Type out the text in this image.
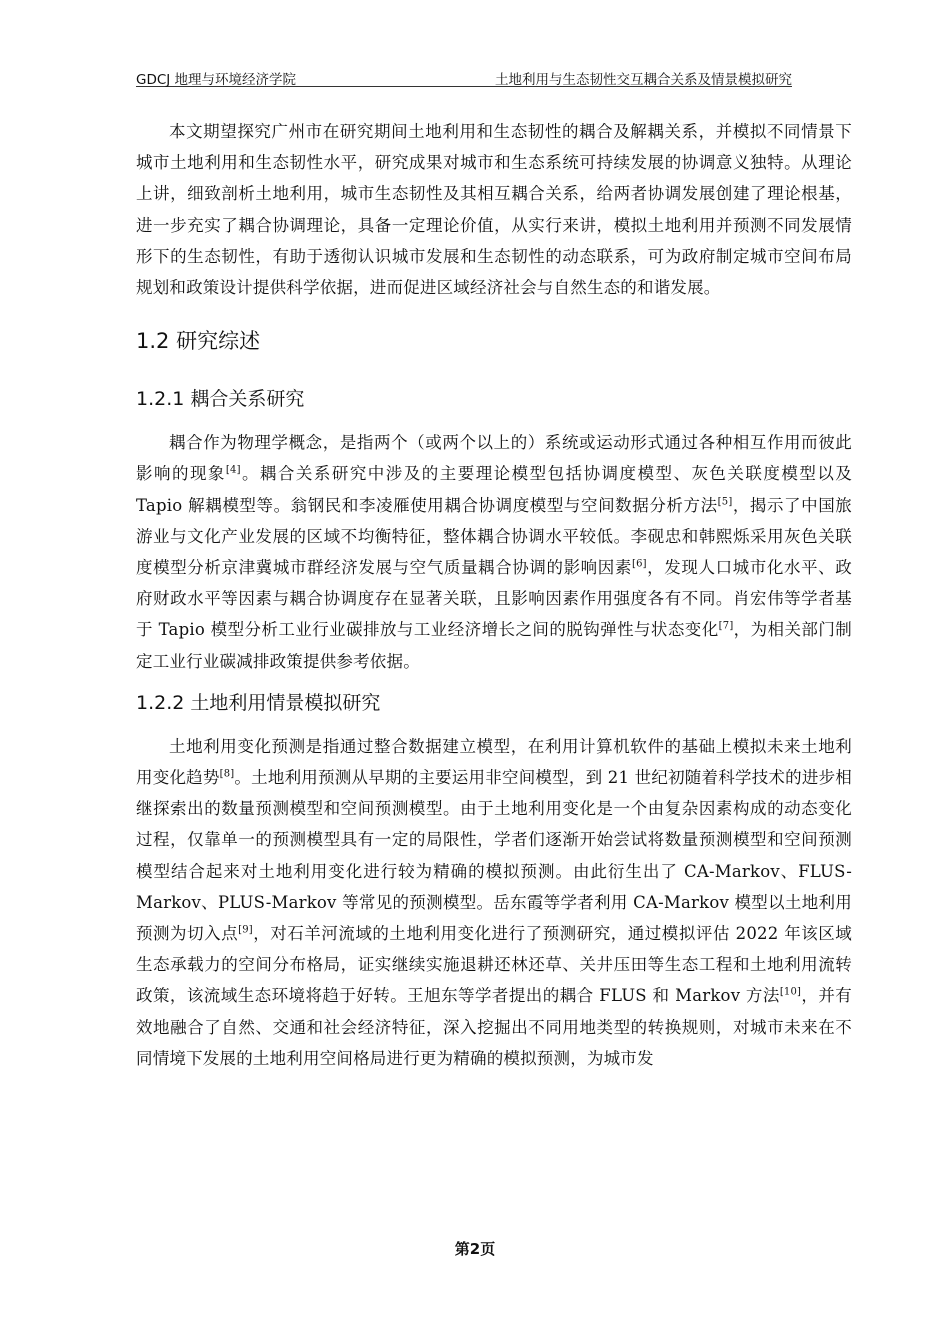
GDCJ 地理与环境经济学院	土地利用与生态韧性交互耦合关系及情景模拟研究

本文期望探究广州市在研究期间土地利用和生态韧性的耦合及解耦关系，并模拟不同情景下城市土地利用和生态韧性水平，研究成果对城市和生态系统可持续发展的协调意义独特。从理论上讲，细致剖析土地利用，城市生态韧性及其相互耦合关系，给两者协调发展创建了理论根基，进一步充实了耦合协调理论，具备一定理论价值，从实行来讲，模拟土地利用并预测不同发展情形下的生态韧性，有助于透彻认识城市发展和生态韧性的动态联系，可为政府制定城市空间布局规划和政策设计提供科学依据，进而促进区域经济社会与自然生态的和谐发展。

1.2 研究综述
1.2.1 耦合关系研究

耦合作为物理学概念，是指两个（或两个以上的）系统或运动形式通过各种相互作用而彼此影响的现象[4]。耦合关系研究中涉及的主要理论模型包括协调度模型、灰色关联度模型以及 Tapio 解耦模型等。翁钢民和李凌雁使用耦合协调度模型与空间数据分析方法[5]，揭示了中国旅游业与文化产业发展的区域不均衡特征，整体耦合协调水平较低。李砚忠和韩熙烁采用灰色关联度模型分析京津冀城市群经济发展与空气质量耦合协调的影响因素[6]，发现人口城市化水平、政府财政水平等因素与耦合协调度存在显著关联，且影响因素作用强度各有不同。肖宏伟等学者基于 Tapio 模型分析工业行业碳排放与工业经济增长之间的脱钩弹性与状态变化[7]，为相关部门制定工业行业碳减排政策提供参考依据。

1.2.2 土地利用情景模拟研究

土地利用变化预测是指通过整合数据建立模型，在利用计算机软件的基础上模拟未来土地利用变化趋势[8]。土地利用预测从早期的主要运用非空间模型，到 21 世纪初随着科学技术的进步相继探索出的数量预测模型和空间预测模型。由于土地利用变化是一个由复杂因素构成的动态变化过程，仅靠单一的预测模型具有一定的局限性，学者们逐渐开始尝试将数量预测模型和空间预测模型结合起来对土地利用变化进行较为精确的模拟预测。由此衍生出了 CA-Markov、FLUS-Markov、PLUS-Markov 等常见的预测模型。岳东霞等学者利用 CA-Markov 模型以土地利用预测为切入点[9]，对石羊河流域的土地利用变化进行了预测研究，通过模拟评估 2022 年该区域生态承载力的空间分布格局，证实继续实施退耕还林还草、关井压田等生态工程和土地利用流转政策，该流域生态环境将趋于好转。王旭东等学者提出的耦合 FLUS 和 Markov 方法[10]，并有效地融合了自然、交通和社会经济特征，深入挖掘出不同用地类型的转换规则，对城市未来在不同情境下发展的土地利用空间格局进行更为精确的模拟预测，为城市发

第2页
